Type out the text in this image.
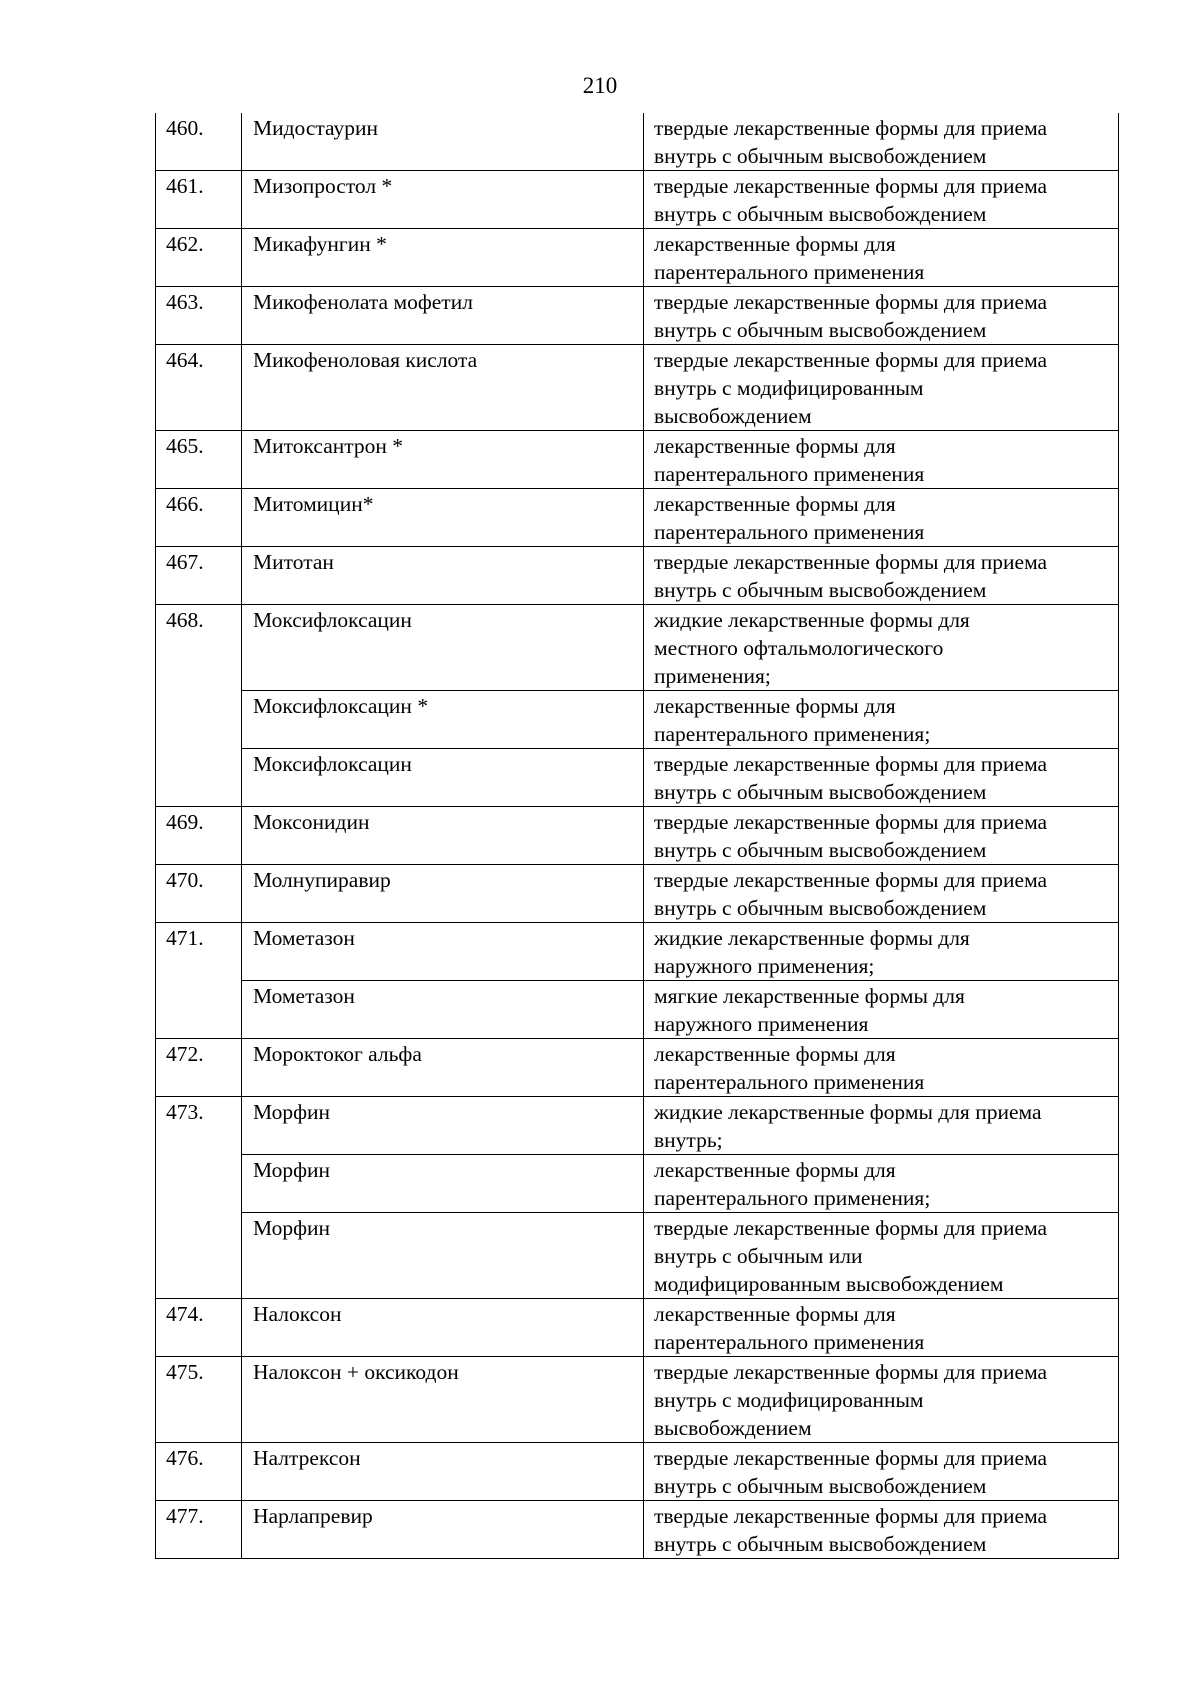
210
460.	Мидостаурин	твердые лекарственные формы для приема
внутрь с обычным высвобождением

461.	Мизопростол *	твердые лекарственные формы для приема
внутрь с обычным высвобождением

462.	Микафунгин *	лекарственные формы для
парентерального применения

463.	Микофенолата мофетил	твердые лекарственные формы для приема
внутрь с обычным высвобождением

464.	Микофеноловая кислота	твердые лекарственные формы для приема
внутрь с модифицированным
высвобождением

465.	Митоксантрон *	лекарственные формы для
парентерального применения

466.	Митомицин*	лекарственные формы для
парентерального применения

467.	Митотан	твердые лекарственные формы для приема
внутрь с обычным высвобождением

468.	Моксифлоксацин	жидкие лекарственные формы для
местного офтальмологического
применения;

	Моксифлоксацин *	лекарственные формы для
парентерального применения;

	Моксифлоксацин	твердые лекарственные формы для приема
внутрь с обычным высвобождением

469.	Моксонидин	твердые лекарственные формы для приема
внутрь с обычным высвобождением

470.	Молнупиравир	твердые лекарственные формы для приема
внутрь с обычным высвобождением

471.	Мометазон	жидкие лекарственные формы для
наружного применения;

	Мометазон	мягкие лекарственные формы для
наружного применения

472.	Мороктоког альфа	лекарственные формы для
парентерального применения

473.	Морфин	жидкие лекарственные формы для приема
внутрь;

	Морфин	лекарственные формы для
парентерального применения;

	Морфин	твердые лекарственные формы для приема
внутрь с обычным или
модифицированным высвобождением

474.	Налоксон	лекарственные формы для
парентерального применения

475.	Налоксон + оксикодон	твердые лекарственные формы для приема
внутрь с модифицированным
высвобождением

476.	Налтрексон	твердые лекарственные формы для приема
внутрь с обычным высвобождением

477.	Нарлапревир	твердые лекарственные формы для приема
внутрь с обычным высвобождением
